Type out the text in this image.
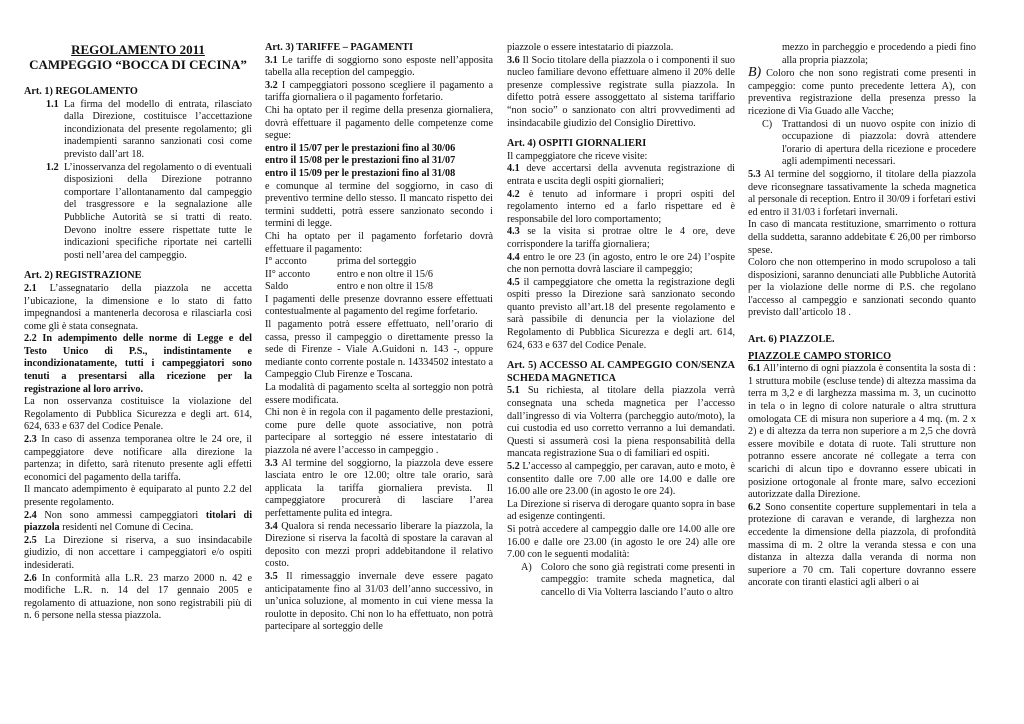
REGOLAMENTO 2011

CAMPEGGIO “BOCCA DI CECINA”

Art. 1) REGOLAMENTO

1.1 La firma del modello di entrata, rilasciato dalla Direzione, costituisce l’accettazione incondizionata del presente regolamento; gli inadempienti saranno sanzionati così come previsto dall’art 18.
1.2 L’inosservanza del regolamento o di eventuali disposizioni della Direzione potranno comportare l’allontanamento dal campeggio del trasgressore e la segnalazione alle Pubbliche Autorità se si tratti di reato. Devono inoltre essere rispettate tutte le indicazioni specifiche riportate nei cartelli posti nell’area del campeggio.

Art. 2) REGISTRAZIONE

2.1 L’assegnatario della piazzola ne accetta l’ubicazione, la dimensione e lo stato di fatto impegnandosi a mantenerla decorosa e rilasciarla così come gli è stata consegnata.

2.2 In adempimento delle norme di Legge e del Testo Unico di P.S., indistintamente e incondizionatamente, tutti i campeggiatori sono tenuti a presentarsi alla ricezione per la registrazione al loro arrivo.

La non osservanza costituisce la violazione del Regolamento di Pubblica Sicurezza e degli art. 614, 624, 633 e 637 del Codice Penale.

2.3 In caso di assenza temporanea oltre le 24 ore, il campeggiatore deve notificare alla direzione la partenza; in difetto, sarà ritenuto presente agli effetti economici del pagamento della tariffa.

Il mancato adempimento è equiparato al punto 2.2 del presente regolamento.

2.4 Non sono ammessi campeggiatori titolari di piazzola residenti nel Comune di Cecina.

2.5 La Direzione si riserva, a suo insindacabile giudizio, di non accettare i campeggiatori e/o ospiti indesiderati.

2.6 In conformità alla L.R. 23 marzo 2000 n. 42 e modifiche L.R. n. 14 del 17 gennaio 2005 e regolamento di attuazione, non sono registrabili più di n. 6 persone nella stessa piazzola.

Art. 3) TARIFFE – PAGAMENTI

3.1 Le tariffe di soggiorno sono esposte nell’apposita tabella alla reception del campeggio.

3.2 I campeggiatori possono scegliere il pagamento a tariffa giornaliera o il pagamento forfetario.

Chi ha optato per il regime della presenza giornaliera, dovrà effettuare il pagamento delle competenze come segue:

entro il 15/07 per le prestazioni fino al 30/06

entro il 15/08 per le prestazioni fino al 31/07

entro il 15/09 per le prestazioni fino al 31/08

e comunque al termine del soggiorno, in caso di preventivo termine dello stesso. Il mancato rispetto dei termini suddetti, potrà essere sanzionato secondo i termini di legge.

Chi ha optato per il pagamento forfetario dovrà effettuare il pagamento:

I° acconto	prima del sorteggio
II° acconto	entro e non oltre il 15/6
Saldo	entro e non oltre il 15/8

I pagamenti delle presenze dovranno essere effettuati contestualmente al pagamento del regime forfetario.

Il pagamento potrà essere effettuato, nell’orario di cassa, presso il campeggio o direttamente presso la sede di Firenze - Viale A.Guidoni n. 143 -, oppure mediante conto corrente postale n. 14334502 intestato a Campeggio Club Firenze e Toscana.

La modalità di pagamento scelta al sorteggio non potrà essere modificata.

Chi non è in regola con il pagamento delle prestazioni, come pure delle quote associative, non potrà partecipare al sorteggio né essere intestatario di piazzola né avere l’accesso in campeggio .

3.3 Al termine del soggiorno, la piazzola deve essere lasciata entro le ore 12.00; oltre tale orario, sarà applicata la tariffa giornaliera prevista. Il campeggiatore procurerà di lasciare l’area perfettamente pulita ed integra.

3.4 Qualora si renda necessario liberare la piazzola, la Direzione si riserva la facoltà di spostare la caravan al deposito con mezzi propri addebitandone il relativo costo.

3.5 Il rimessaggio invernale deve essere pagato anticipatamente fino al 31/03 dell’anno successivo, in un’unica soluzione, al momento in cui viene messa la roulotte in deposito. Chi non lo ha effettuato, non potrà partecipare al sorteggio delle

piazzole o essere intestatario di piazzola.

3.6 Il Socio titolare della piazzola o i componenti il suo nucleo familiare devono effettuare almeno il 20% delle presenze complessive registrate sulla piazzola. In difetto potrà essere assoggettato al sistema tariffario “non socio” o sanzionato con altri provvedimenti ad insindacabile giudizio del Consiglio Direttivo.

Art. 4) OSPITI GIORNALIERI

Il campeggiatore che riceve visite:

4.1 deve accertarsi della avvenuta registrazione di entrata e uscita degli ospiti giornalieri;

4.2 è tenuto ad informare i propri ospiti del regolamento interno ed a farlo rispettare ed è responsabile del loro comportamento;

4.3 se la visita si protrae oltre le 4 ore, deve corrispondere la tariffa giornaliera;

4.4 entro le ore 23 (in agosto, entro le ore 24) l’ospite che non pernotta dovrà lasciare il campeggio;

4.5 il campeggiatore che ometta la registrazione degli ospiti presso la Direzione sarà sanzionato secondo quanto previsto all’art.18 del presente regolamento e sarà passibile di denuncia per la violazione del Regolamento di Pubblica Sicurezza e degli art. 614, 624, 633 e 637 del Codice Penale.

Art. 5) ACCESSO AL CAMPEGGIO CON/SENZA SCHEDA MAGNETICA

5.1 Su richiesta, al titolare della piazzola verrà consegnata una scheda magnetica per l’accesso dall’ingresso di via Volterra (parcheggio auto/moto), la cui custodia ed uso corretto verranno a lui demandati. Questi si assumerà così la piena responsabilità della mancata registrazione Sua o di familiari ed ospiti.

5.2 L’accesso al campeggio, per caravan, auto e moto, è consentito dalle ore 7.00 alle ore 14.00 e dalle ore 16.00 alle ore 23.00 (in agosto le ore 24).

La Direzione si riserva di derogare quanto sopra in base ad esigenze contingenti.

Si potrà accedere al campeggio dalle ore 14.00 alle ore 16.00 e dalle ore 23.00 (in agosto le ore 24) alle ore 7.00 con le seguenti modalità:

A) Coloro che sono già registrati come presenti in campeggio: tramite scheda magnetica, dal cancello di Via Volterra lasciando l’auto o altro
mezzo in parcheggio e procedendo a piedi fino alla propria piazzola;

B) Coloro che non sono registrati come presenti in campeggio: come punto precedente lettera A), con preventiva registrazione della presenza presso la ricezione di Via Guado alle Vacche;

C) Trattandosi di un nuovo ospite con inizio di occupazione di piazzola: dovrà attendere l'orario di apertura della ricezione e procedere agli adempimenti necessari.

5.3 Al termine del soggiorno, il titolare della piazzola deve riconsegnare tassativamente la scheda magnetica al personale di reception. Entro il 30/09 i forfetari estivi ed entro il 31/03 i forfetari invernali.

In caso di mancata restituzione, smarrimento o rottura della suddetta, saranno addebitate € 26,00 per rimborso spese.

Coloro che non ottemperino in modo scrupoloso a tali disposizioni, saranno denunciati alle Pubbliche Autorità per la violazione delle norme di P.S. che regolano l'accesso al campeggio e sanzionati secondo quanto previsto dall’articolo 18 .

Art. 6) PIAZZOLE.

PIAZZOLE CAMPO STORICO

6.1 All’interno di ogni piazzola è consentita la sosta di : 1 struttura mobile (escluse tende) di altezza massima da terra m 3,2 e di larghezza massima m. 3, un cucinotto in tela o in legno di colore naturale o altra struttura omologata CE di misura non superiore a 4 mq. (m. 2 x 2) e di altezza da terra non superiore a m 2,5 che dovrà essere movibile e dotata di ruote. Tali strutture non potranno essere ancorate né collegate a terra con scarichi di alcun tipo e dovranno essere ubicati in posizione ortogonale al fronte mare, salvo eccezioni autorizzate dalla Direzione.

6.2 Sono consentite coperture supplementari in tela a protezione di caravan e verande, di larghezza non eccedente la dimensione della piazzola, di profondità massima di m. 2 oltre la veranda stessa e con una distanza in altezza dalla veranda di norma non superiore a 70 cm. Tali coperture dovranno essere ancorate con tiranti elastici agli alberi o ai
